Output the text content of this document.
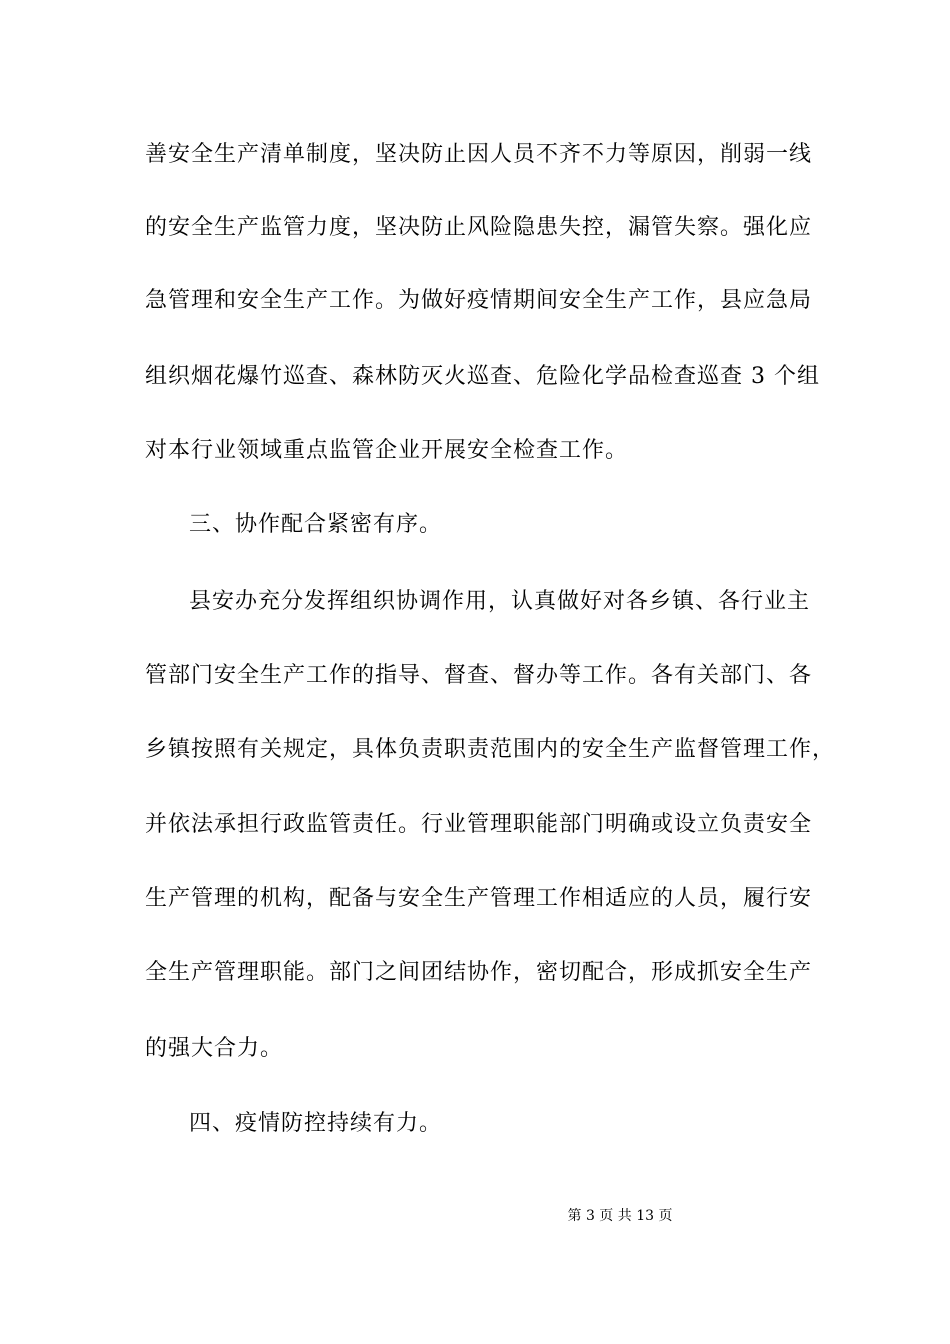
善安全生产清单制度，坚决防止因人员不齐不力等原因，削弱一线
的安全生产监管力度，坚决防止风险隐患失控，漏管失察。强化应
急管理和安全生产工作。为做好疫情期间安全生产工作，县应急局
组织烟花爆竹巡查、森林防灭火巡查、危险化学品检查巡查 3 个组
对本行业领域重点监管企业开展安全检查工作。
三、协作配合紧密有序。
县安办充分发挥组织协调作用，认真做好对各乡镇、各行业主
管部门安全生产工作的指导、督查、督办等工作。各有关部门、各
乡镇按照有关规定，具体负责职责范围内的安全生产监督管理工作，
并依法承担行政监管责任。行业管理职能部门明确或设立负责安全
生产管理的机构，配备与安全生产管理工作相适应的人员，履行安
全生产管理职能。部门之间团结协作，密切配合，形成抓安全生产
的强大合力。
四、疫情防控持续有力。
第 3 页 共 13 页
